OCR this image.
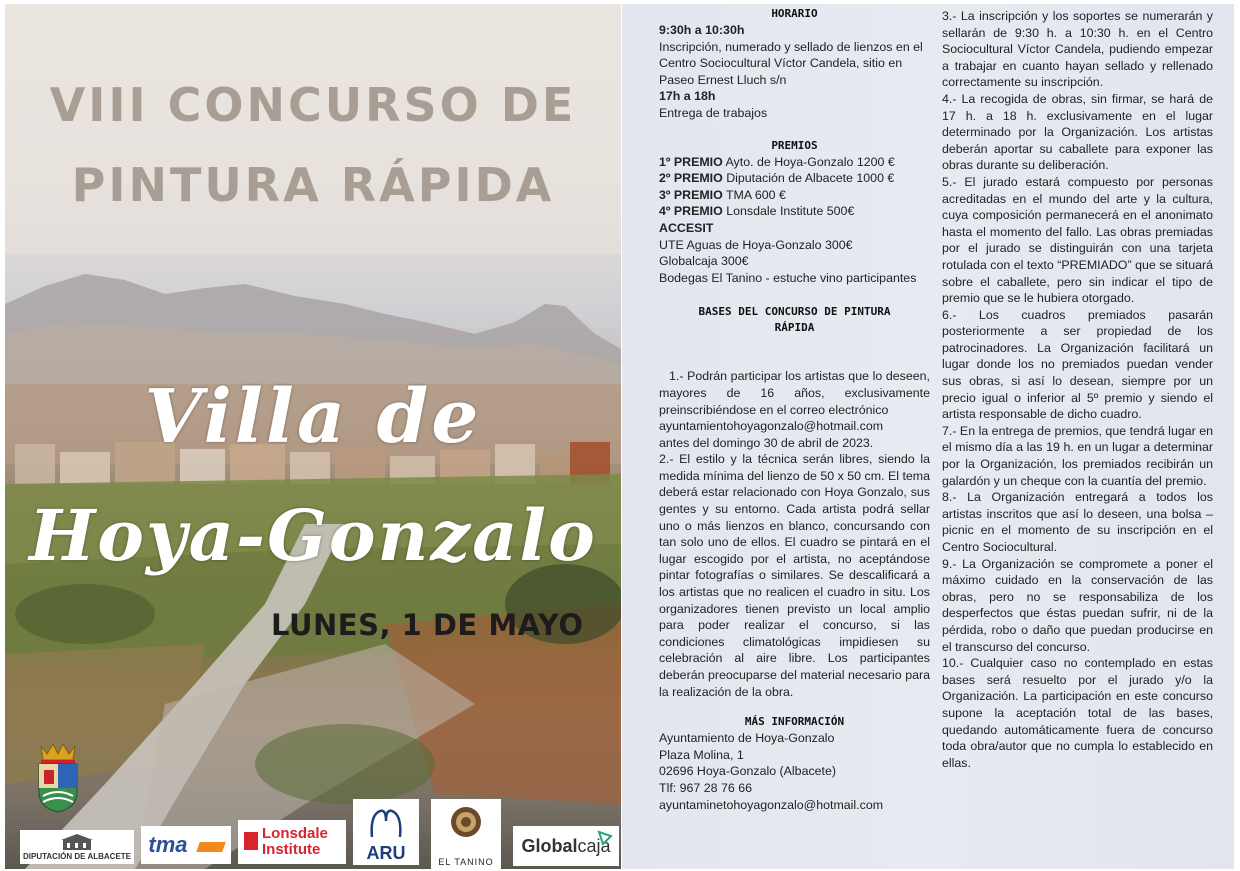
VIII CONCURSO DE
PINTURA RÁPIDA
Villa de
Hoya-Gonzalo
LUNES, 1 DE MAYO
DIPUTACIÓN DE ALBACETE tma	Lonsdale
Institute	ARU	EL TANINO
Globalcaja
HORARIO
9:30h a 10:30h
Inscripción, numerado y sellado de lienzos en el Centro Sociocultural Víctor Candela, sitio en Paseo Ernest Lluch s/n
17h a 18h
Entrega de trabajos
PREMIOS
1º PREMIO Ayto. de Hoya-Gonzalo 1200 €
2º PREMIO Diputación de Albacete 1000 €
3º PREMIO TMA 600 €
4º PREMIO Lonsdale Institute 500€
ACCESIT
UTE Aguas de Hoya-Gonzalo 300€
Globalcaja 300€
Bodegas El Tanino - estuche vino participantes
BASES DEL CONCURSO DE PINTURA RÁPIDA
1.- Podrán participar los artistas que lo deseen, mayores de 16 años, exclusivamente preinscribiéndose en el correo electrónico
ayuntamientohoyagonzalo@hotmail.com
antes del domingo 30 de abril de 2023.
2.- El estilo y la técnica serán libres, siendo la medida mínima del lienzo de 50 x 50 cm. El tema deberá estar relacionado con Hoya Gonzalo, sus gentes y su entorno. Cada artista podrá sellar uno o más lienzos en blanco, concursando con tan solo uno de ellos. El cuadro se pintará en el lugar escogido por el artista, no aceptándose pintar fotografías o similares. Se descalificará a los artistas que no realicen el cuadro in situ. Los organizadores tienen previsto un local amplio para poder realizar el concurso, si las condiciones climatológicas impidiesen su celebración al aire libre. Los participantes deberán preocuparse del material necesario para la realización de la obra.
MÁS INFORMACIÓN
Ayuntamiento de Hoya-Gonzalo
Plaza Molina, 1
02696 Hoya-Gonzalo (Albacete)
Tlf: 967 28 76 66
ayuntaminetohoyagonzalo@hotmail.com
3.- La inscripción y los soportes se numerarán y sellarán de 9:30 h. a 10:30 h. en el Centro Sociocultural Víctor Candela, pudiendo empezar a trabajar en cuanto hayan sellado y rellenado correctamente su inscripción.
4.- La recogida de obras, sin firmar, se hará de 17 h. a 18 h. exclusivamente en el lugar determinado por la Organización. Los artistas deberán aportar su caballete para exponer las obras durante su deliberación.
5.- El jurado estará compuesto por personas acreditadas en el mundo del arte y la cultura, cuya composición permanecerá en el anonimato hasta el momento del fallo. Las obras premiadas por el jurado se distinguirán con una tarjeta rotulada con el texto “PREMIADO” que se situará sobre el caballete, pero sin indicar el tipo de premio que se le hubiera otorgado.
6.- Los cuadros premiados pasarán posteriormente a ser propiedad de los patrocinadores. La Organización facilitará un lugar donde los no premiados puedan vender sus obras, si así lo desean, siempre por un precio igual o inferior al 5º premio y siendo el artista responsable de dicho cuadro.
7.- En la entrega de premios, que tendrá lugar en el mismo día a las 19 h. en un lugar a determinar por la Organización, los premiados recibirán un galardón y un cheque con la cuantía del premio.
8.- La Organización entregará a todos los artistas inscritos que así lo deseen, una bolsa –picnic en el momento de su inscripción en el Centro Sociocultural.
9.- La Organización se compromete a poner el máximo cuidado en la conservación de las obras, pero no se responsabiliza de los desperfectos que éstas puedan sufrir, ni de la pérdida, robo o daño que puedan producirse en el transcurso del concurso.
10.- Cualquier caso no contemplado en estas bases será resuelto por el jurado y/o la Organización. La participación en este concurso supone la aceptación total de las bases, quedando automáticamente fuera de concurso toda obra/autor que no cumpla lo establecido en ellas.
